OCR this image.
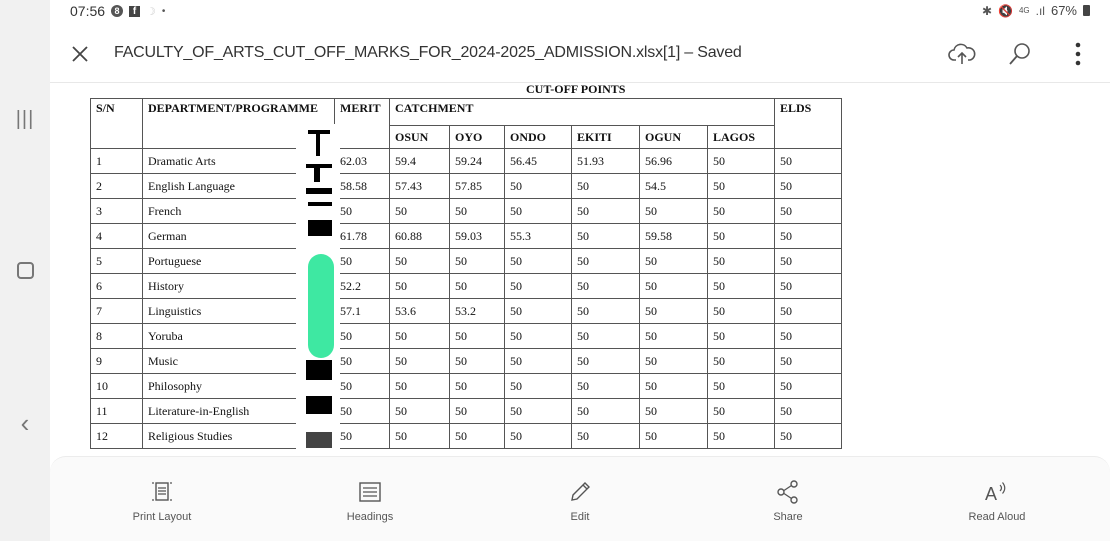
|||
‹
07:56	8	f ☽ •	✱ 🔇 4G .ıl 67%
FACULTY_OF_ARTS_CUT_OFF_MARKS_FOR_2024-2025_ADMISSION.xlsx[1] – Saved
CUT-OFF POINTS
S/N	DEPARTMENT/PROGRAMME	MERIT	CATCHMENT						ELDS
			OSUN	OYO	ONDO	EKITI	OGUN	LAGOS	
1	Dramatic Arts	62.03	59.4	59.24	56.45	51.93	56.96	50	50
2	English Language	58.58	57.43	57.85	50	50	54.5	50	50
3	French	50	50	50	50	50	50	50	50
4	German	61.78	60.88	59.03	55.3	50	59.58	50	50
5	Portuguese	50	50	50	50	50	50	50	50
6	History	52.2	50	50	50	50	50	50	50
7	Linguistics	57.1	53.6	53.2	50	50	50	50	50
8	Yoruba	50	50	50	50	50	50	50	50
9	Music	50	50	50	50	50	50	50	50
10	Philosophy	50	50	50	50	50	50	50	50
11	Literature-in-English	50	50	50	50	50	50	50	50
12	Religious Studies	50	50	50	50	50	50	50	50
Print Layout	Headings	Edit	Share
A
Read Aloud
